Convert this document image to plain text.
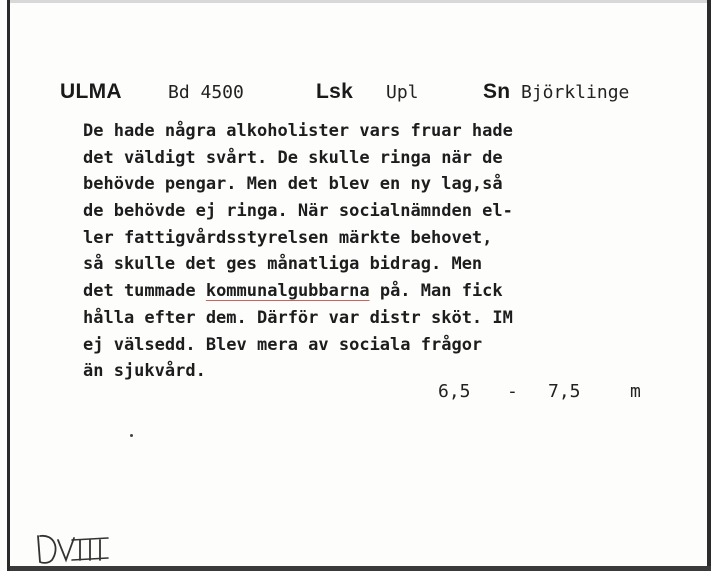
ULMA	Bd 4500	Lsk Upl	Sn Björklinge
De hade några alkoholister vars fruar hade
det väldigt svårt. De skulle ringa när de
behövde pengar. Men det blev en ny lag,så
de behövde ej ringa. När socialnämnden el-
ler fattigvårdsstyrelsen märkte behovet,
så skulle det ges månatliga bidrag. Men
det tummade kommunalgubbarna på. Man fick
hålla efter dem. Därför var distr sköt. IM
ej välsedd. Blev mera av sociala frågor
än sjukvård.
6,5 - 7,5	m
